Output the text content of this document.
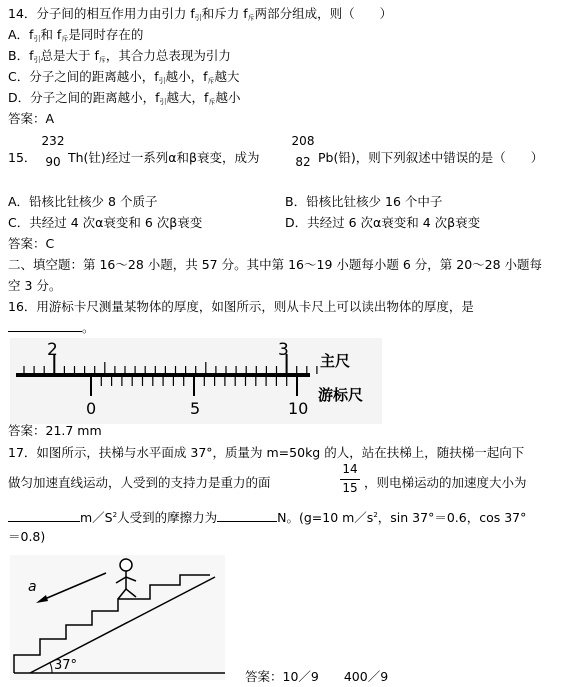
14．分子间的相互作用力由引力 $f_引$和斥力 $f_斥$两部分组成，则（　　）
A．$f_引$和 $f_斥$是同时存在的
B．$f_引$总是大于 $f_斥$，其合力总表现为引力
C．分子之间的距离越小，$f_引$越小，$f_斥$越大
D．分子之间的距离越小，$f_引$越大，$f_斥$越小
答案：A
15．
232
90 Th(钍)经过一系列α和β衰变，成为
208
82 Pb(铅)，则下列叙述中错误的是（　　）
A．铅核比钍核少 8 个质子	B．铅核比钍核少 16 个中子
C．共经过 4 次α衰变和 6 次β衰变	D．共经过 6 次α衰变和 4 次β衰变
答案：C
二、填空题：第 16～28 小题，共 57 分。其中第 16～19 小题每小题 6 分，第 20～28 小题每
空 3 分。
16．用游标卡尺测量某物体的厚度，如图所示，则从卡尺上可以读出物体的厚度，是
。
2	3
主尺
0	5	10
游标尺
答案：21.7 mm
17．如图所示，扶梯与水平面成 37°，质量为 m=50kg 的人，站在扶梯上，随扶梯一起向下
做匀加速直线运动，人受到的支持力是重力的面
14
15 ，则电梯运动的加速度大小为
$m/S^2$人受到的摩擦力为	N。(g=10 $m/s^2$，sin 37°＝0.6，cos 37°
＝0.8)
37°
a
答案：10／9　　400／9
